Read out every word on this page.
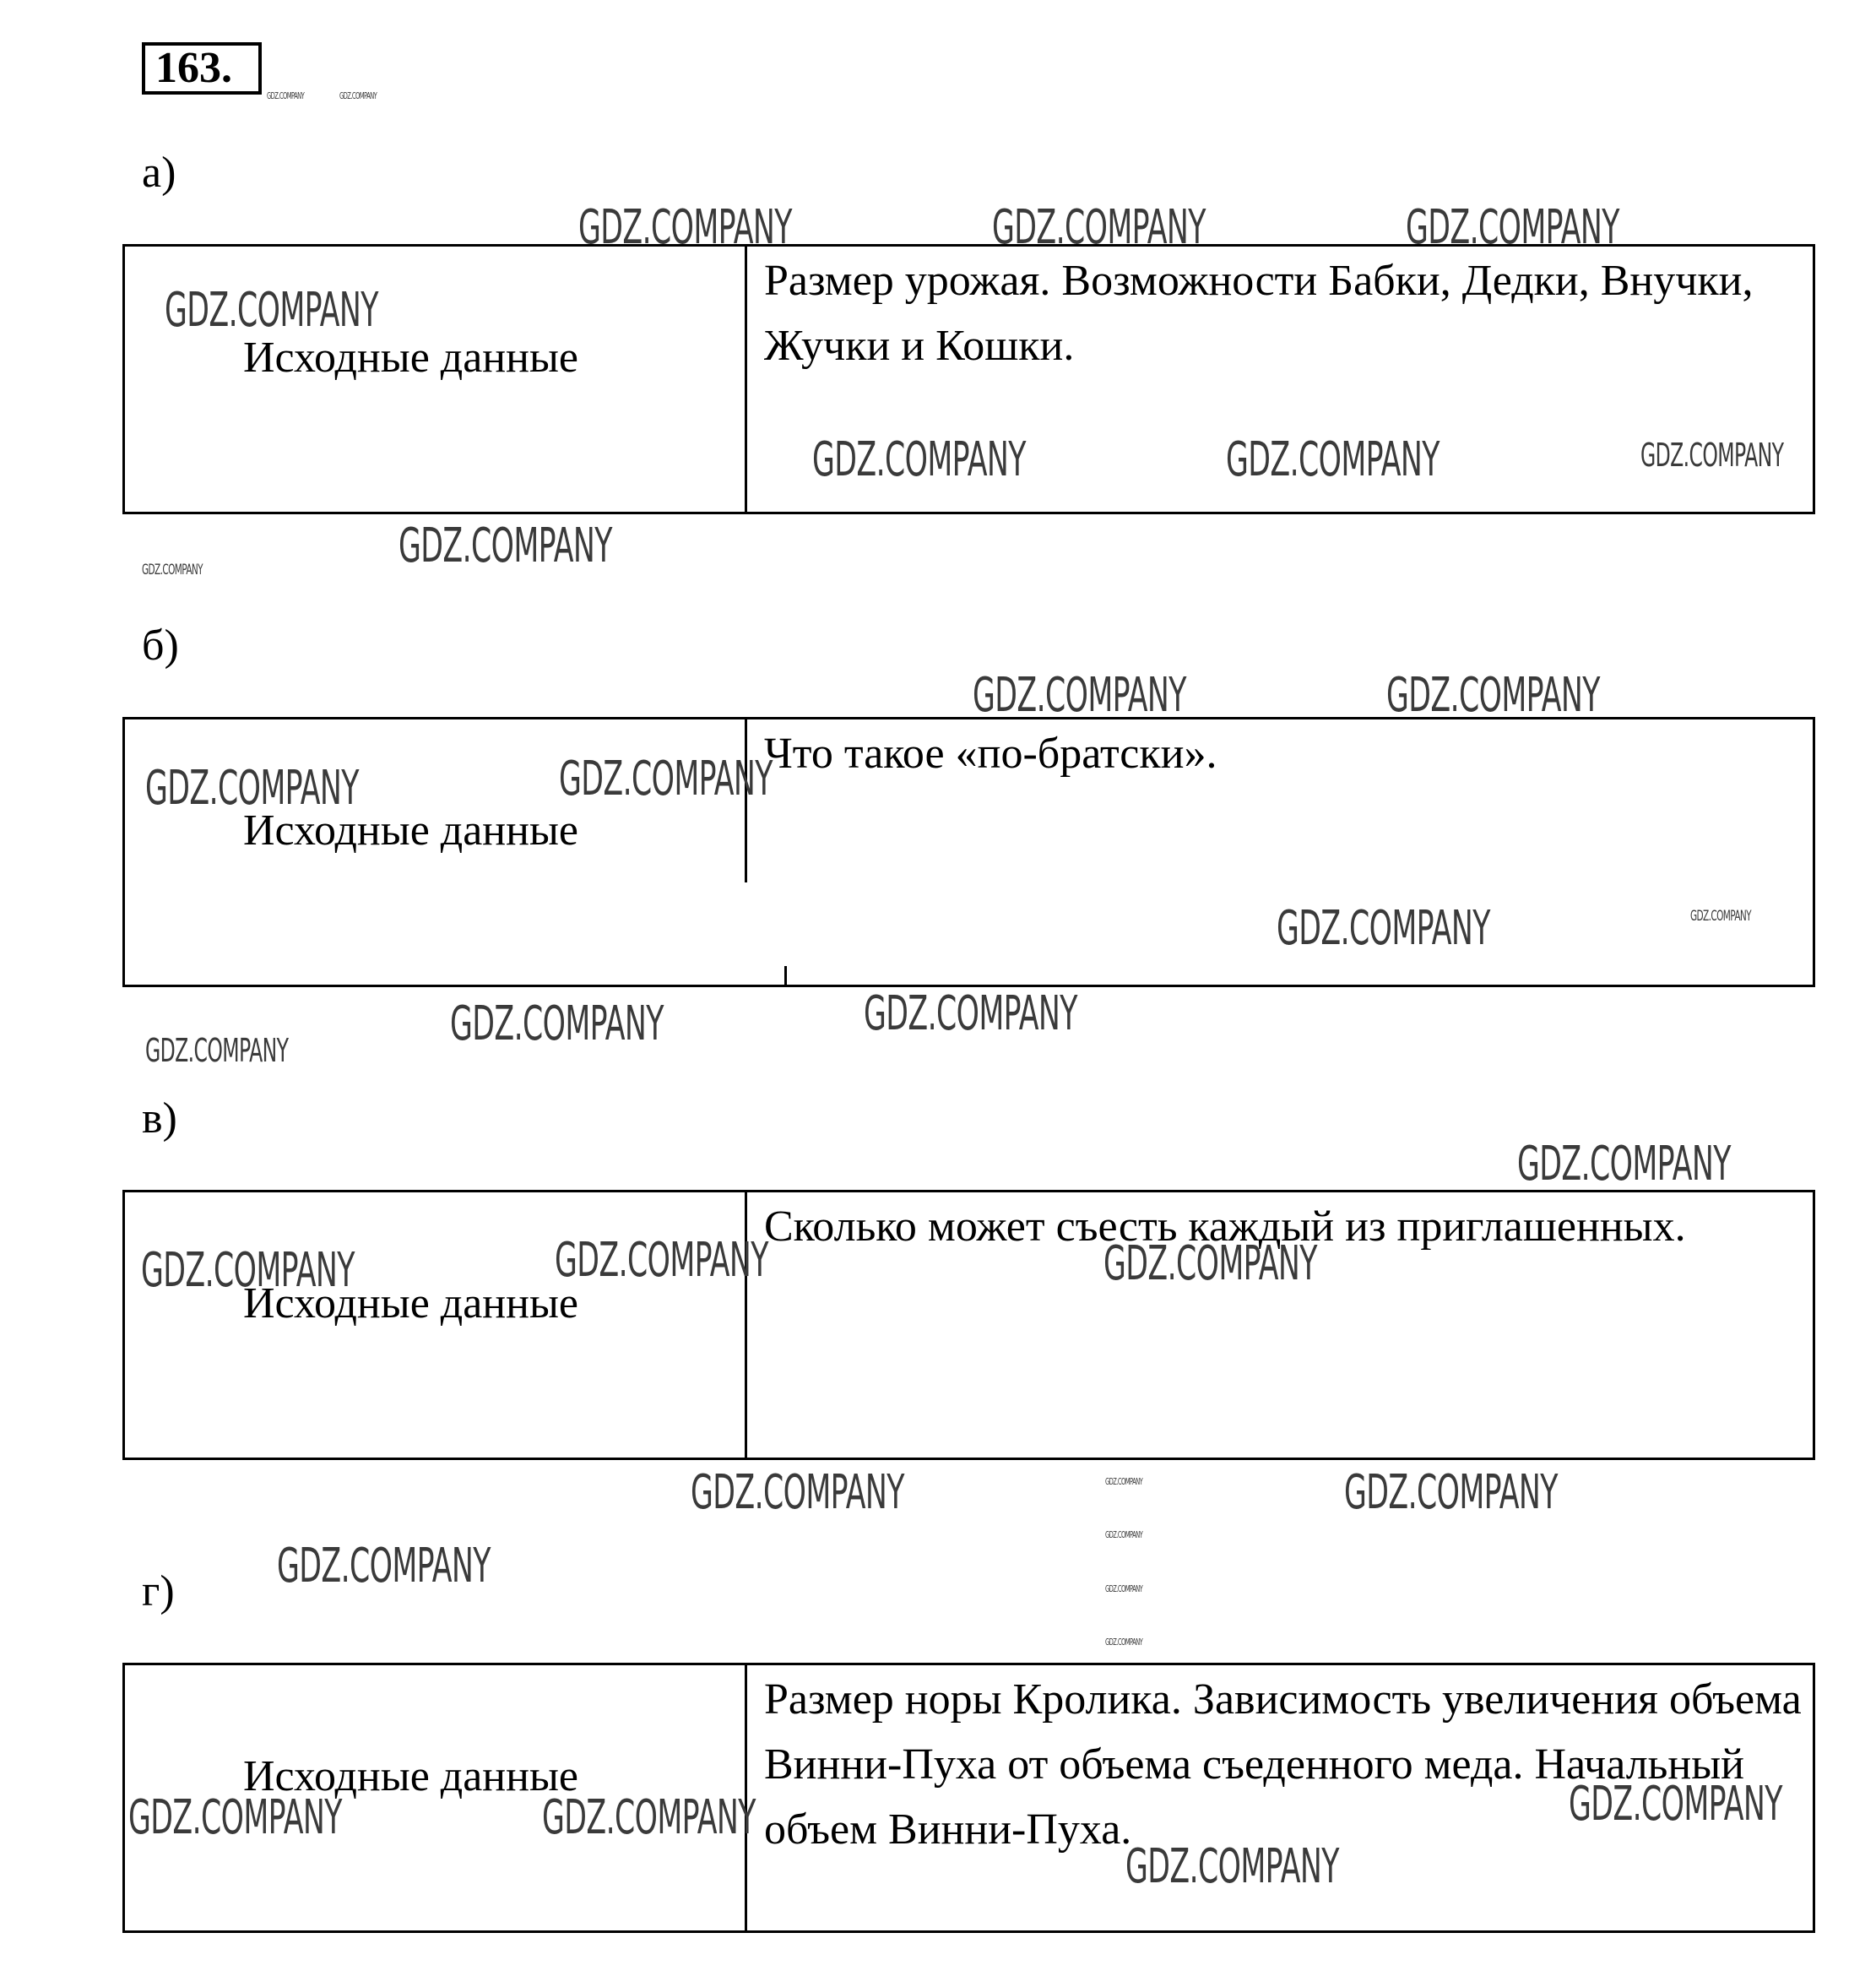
163.
а)
Исходные данные
Размер урожая. Возможности Бабки, Дедки, Внучки, Жучки и Кошки.
б)
Исходные данные
Что такое «по-братски».
в)
Исходные данные
Сколько может съесть каждый из приглашенных.
г)
Исходные данные
Размер норы Кролика. Зависимость увеличения объема Винни-Пуха от объема съеденного меда. Начальный объем Винни-Пуха.
GDZ.COMPANY	GDZ.COMPANY
GDZ.COMPANY	GDZ.COMPANY	GDZ.COMPANY
GDZ.COMPANY
GDZ.COMPANY	GDZ.COMPANY	GDZ.COMPANY
GDZ.COMPANY
GDZ.COMPANY
GDZ.COMPANY	GDZ.COMPANY
GDZ.COMPANY	GDZ.COMPANY
GDZ.COMPANY	GDZ.COMPANY
GDZ.COMPANY	GDZ.COMPANY
GDZ.COMPANY
GDZ.COMPANY
GDZ.COMPANY	GDZ.COMPANY	GDZ.COMPANY
GDZ.COMPANY	GDZ.COMPANY
GDZ.COMPANY
GDZ.COMPANY
GDZ.COMPANY
GDZ.COMPANY
GDZ.COMPANY
GDZ.COMPANY	GDZ.COMPANY	GDZ.COMPANY
GDZ.COMPANY
